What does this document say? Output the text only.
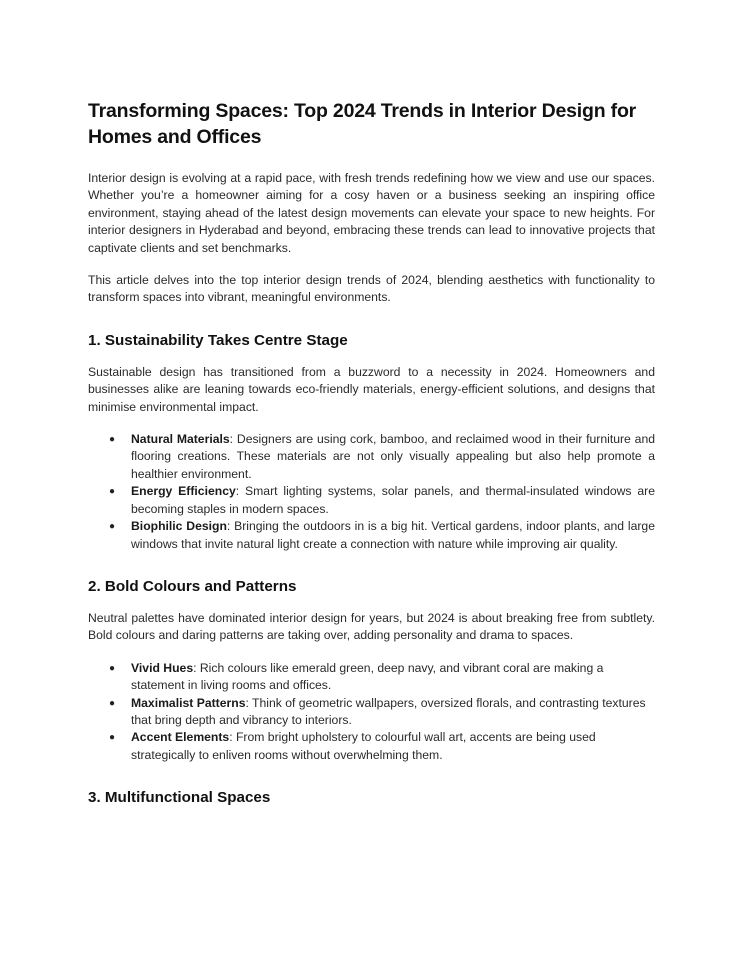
Transforming Spaces: Top 2024 Trends in Interior Design for Homes and Offices

Interior design is evolving at a rapid pace, with fresh trends redefining how we view and use our spaces. Whether you’re a homeowner aiming for a cosy haven or a business seeking an inspiring office environment, staying ahead of the latest design movements can elevate your space to new heights. For interior designers in Hyderabad and beyond, embracing these trends can lead to innovative projects that captivate clients and set benchmarks.

This article delves into the top interior design trends of 2024, blending aesthetics with functionality to transform spaces into vibrant, meaningful environments.

1. Sustainability Takes Centre Stage

Sustainable design has transitioned from a buzzword to a necessity in 2024. Homeowners and businesses alike are leaning towards eco-friendly materials, energy-efficient solutions, and designs that minimise environmental impact.

● Natural Materials: Designers are using cork, bamboo, and reclaimed wood in their furniture and flooring creations. These materials are not only visually appealing but also help promote a healthier environment.
● Energy Efficiency: Smart lighting systems, solar panels, and thermal-insulated windows are becoming staples in modern spaces.
● Biophilic Design: Bringing the outdoors in is a big hit. Vertical gardens, indoor plants, and large windows that invite natural light create a connection with nature while improving air quality.
2. Bold Colours and Patterns

Neutral palettes have dominated interior design for years, but 2024 is about breaking free from subtlety. Bold colours and daring patterns are taking over, adding personality and drama to spaces.

● Vivid Hues: Rich colours like emerald green, deep navy, and vibrant coral are making a statement in living rooms and offices.
● Maximalist Patterns: Think of geometric wallpapers, oversized florals, and contrasting textures that bring depth and vibrancy to interiors.
● Accent Elements: From bright upholstery to colourful wall art, accents are being used strategically to enliven rooms without overwhelming them.
3. Multifunctional Spaces
